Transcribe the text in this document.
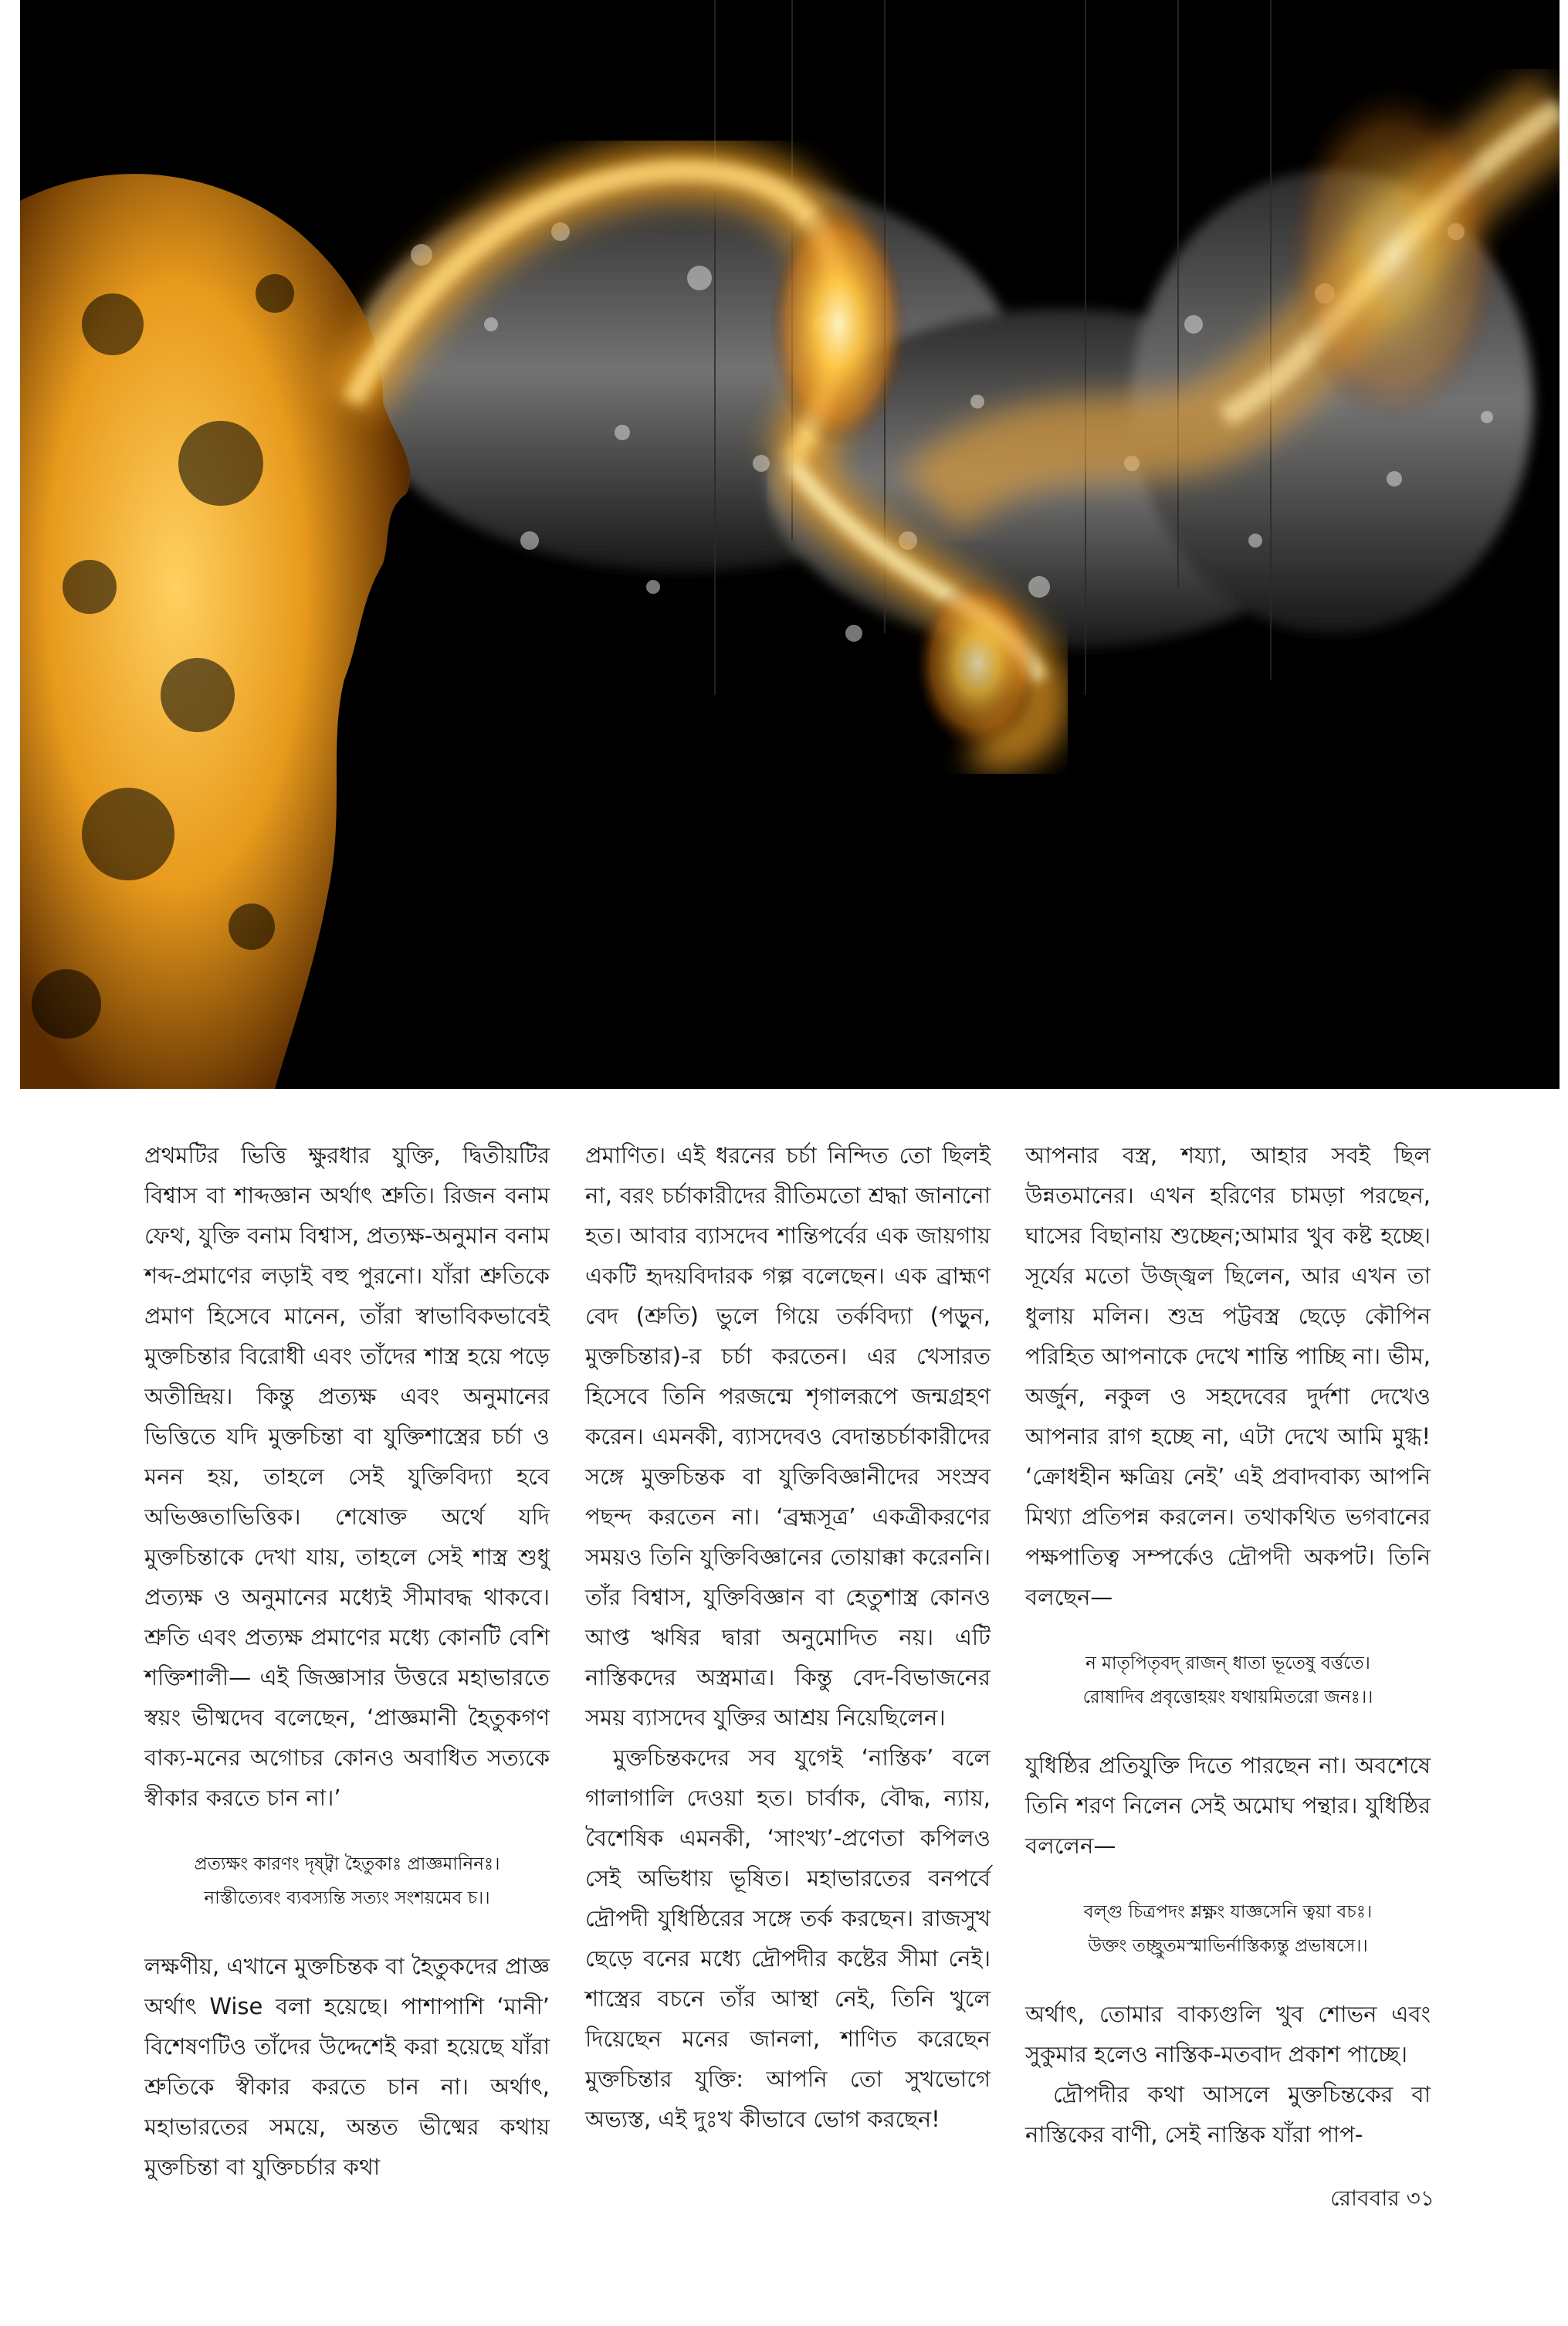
প্রথমটির ভিত্তি ক্ষুরধার যুক্তি, দ্বিতীয়টির বিশ্বাস বা শাব্দজ্ঞান অর্থাৎ শ্রুতি। রিজন বনাম ফেথ, যুক্তি বনাম বিশ্বাস, প্রত্যক্ষ-অনুমান বনাম শব্দ-প্রমাণের লড়াই বহু পুরনো। যাঁরা শ্রুতিকে প্রমাণ হিসেবে মানেন, তাঁরা স্বাভাবিকভাবেই মুক্তচিন্তার বিরোধী এবং তাঁদের শাস্ত্র হয়ে পড়ে অতীন্দ্রিয়। কিন্তু প্রত্যক্ষ এবং অনুমানের ভিত্তিতে যদি মুক্তচিন্তা বা যুক্তিশাস্ত্রের চর্চা ও মনন হয়, তাহলে সেই যুক্তিবিদ্যা হবে অভিজ্ঞতাভিত্তিক। শেষোক্ত অর্থে যদি মুক্তচিন্তাকে দেখা যায়, তাহলে সেই শাস্ত্র শুধু প্রত্যক্ষ ও অনুমানের মধ্যেই সীমাবদ্ধ থাকবে। শ্রুতি এবং প্রত্যক্ষ প্রমাণের মধ্যে কোনটি বেশি শক্তিশালী— এই জিজ্ঞাসার উত্তরে মহাভারতে স্বয়ং ভীষ্মদেব বলেছেন, ‘প্রাজ্ঞমানী হৈতুকগণ বাক্য-মনের অগোচর কোনও অবাধিত সত্যকে স্বীকার করতে চান না।’

প্রত্যক্ষং কারণং দৃষ্ট্বা হৈতুকাঃ প্রাজ্ঞমানিনঃ।
নাস্তীত্যেবং ব্যবস্যন্তি সত্যং সংশয়মেব চ।।

লক্ষণীয়, এখানে মুক্তচিন্তক বা হৈতুকদের প্রাজ্ঞ অর্থাৎ Wise বলা হয়েছে। পাশাপাশি ‘মানী’ বিশেষণটিও তাঁদের উদ্দেশেই করা হয়েছে যাঁরা শ্রুতিকে স্বীকার করতে চান না। অর্থাৎ, মহাভারতের সময়ে, অন্তত ভীষ্মের কথায় মুক্তচিন্তা বা যুক্তিচর্চার কথা

প্রমাণিত। এই ধরনের চর্চা নিন্দিত তো ছিলই না, বরং চর্চাকারীদের রীতিমতো শ্রদ্ধা জানানো হত। আবার ব্যাসদেব শান্তিপর্বের এক জায়গায় একটি হৃদয়বিদারক গল্প বলেছেন। এক ব্রাহ্মণ বেদ (শ্রুতি) ভুলে গিয়ে তর্কবিদ্যা (পড়ুন, মুক্তচিন্তার)-র চর্চা করতেন। এর খেসারত হিসেবে তিনি পরজন্মে শৃগালরূপে জন্মগ্রহণ করেন। এমনকী, ব্যাসদেবও বেদান্তচর্চাকারীদের সঙ্গে মুক্তচিন্তক বা যুক্তিবিজ্ঞানীদের সংস্রব পছন্দ করতেন না। ‘ব্রহ্মসূত্র’ একত্রীকরণের সময়ও তিনি যুক্তিবিজ্ঞানের তোয়াক্কা করেননি। তাঁর বিশ্বাস, যুক্তিবিজ্ঞান বা হেতুশাস্ত্র কোনও আপ্ত ঋষির দ্বারা অনুমোদিত নয়। এটি নাস্তিকদের অস্ত্রমাত্র। কিন্তু বেদ-বিভাজনের সময় ব্যাসদেব যুক্তির আশ্রয় নিয়েছিলেন।

মুক্তচিন্তকদের সব যুগেই ‘নাস্তিক’ বলে গালাগালি দেওয়া হত। চার্বাক, বৌদ্ধ, ন্যায়, বৈশেষিক এমনকী, ‘সাংখ্য’-প্রণেতা কপিলও সেই অভিধায় ভূষিত। মহাভারতের বনপর্বে দ্রৌপদী যুধিষ্ঠিরের সঙ্গে তর্ক করছেন। রাজসুখ ছেড়ে বনের মধ্যে দ্রৌপদীর কষ্টের সীমা নেই। শাস্ত্রের বচনে তাঁর আস্থা নেই, তিনি খুলে দিয়েছেন মনের জানলা, শাণিত করেছেন মুক্তচিন্তার যুক্তি: আপনি তো সুখভোগে অভ্যস্ত, এই দুঃখ কীভাবে ভোগ করছেন!

আপনার বস্ত্র, শয্যা, আহার সবই ছিল উন্নতমানের। এখন হরিণের চামড়া পরছেন, ঘাসের বিছানায় শুচ্ছেন;আমার খুব কষ্ট হচ্ছে। সূর্যের মতো উজ্জ্বল ছিলেন, আর এখন তা ধুলায় মলিন। শুভ্র পট্টবস্ত্র ছেড়ে কৌপিন পরিহিত আপনাকে দেখে শান্তি পাচ্ছি না। ভীম, অর্জুন, নকুল ও সহদেবের দুর্দশা দেখেও আপনার রাগ হচ্ছে না, এটা দেখে আমি মুগ্ধ! ‘ক্রোধহীন ক্ষত্রিয় নেই’ এই প্রবাদবাক্য আপনি মিথ্যা প্রতিপন্ন করলেন। তথাকথিত ভগবানের পক্ষপাতিত্ব সম্পর্কেও দ্রৌপদী অকপট। তিনি বলছেন—

ন মাতৃপিতৃবদ্ রাজন্ ধাতা ভূতেষু বর্ত্ততে।
রোষাদিব প্রবৃত্তোহয়ং যথায়মিতরো জনঃ।।

যুধিষ্ঠির প্রতিযুক্তি দিতে পারছেন না। অবশেষে তিনি শরণ নিলেন সেই অমোঘ পন্থার। যুধিষ্ঠির বললেন—

বল্গু চিত্রপদং শ্লক্ষ্ণং যাজ্ঞসেনি ত্বয়া বচঃ।
উক্তং তচ্ছ্রুতমস্মাভির্নাস্তিক্যন্তু প্রভাষসে।।

অর্থাৎ, তোমার বাক্যগুলি খুব শোভন এবং সুকুমার হলেও নাস্তিক-মতবাদ প্রকাশ পাচ্ছে।

দ্রৌপদীর কথা আসলে মুক্তচিন্তকের বা নাস্তিকের বাণী, সেই নাস্তিক যাঁরা পাপ-

রোববার ৩১
